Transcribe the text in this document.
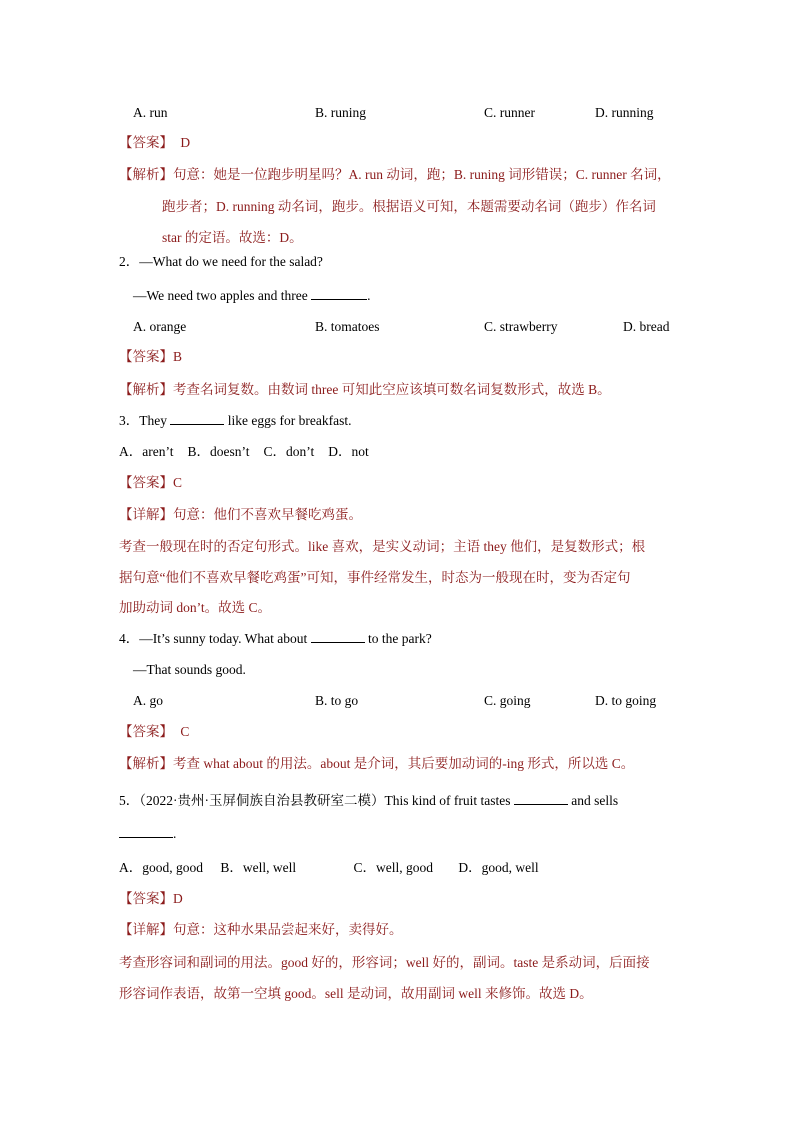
A. run	B. runing	C. runner	D. running
【答案】 D
【解析】句意：她是一位跑步明星吗？A. run 动词，跑；B. runing 词形错误；C. runner 名词，
跑步者；D. running 动名词，跑步。根据语义可知，本题需要动名词（跑步）作名词
star 的定语。故选：D。
2．—What do we need for the salad?
—We need two apples and three	.
A. orange	B. tomatoes	C. strawberry	D. bread
【答案】B
【解析】考查名词复数。由数词 three 可知此空应该填可数名词复数形式，故选 B。
3．They	like eggs for breakfast.
A．aren’t B．doesn’t C．don’t D．not
【答案】C
【详解】句意：他们不喜欢早餐吃鸡蛋。
考查一般现在时的否定句形式。like 喜欢，是实义动词；主语 they 他们，是复数形式；根
据句意“他们不喜欢早餐吃鸡蛋”可知，事件经常发生，时态为一般现在时，变为否定句
加助动词 don’t。故选 C。
4．—It’s sunny today. What about	to the park?
—That sounds good.
A. go	B. to go	C. going	D. to going
【答案】 C
【解析】考查 what about 的用法。about 是介词，其后要加动词的-ing 形式，所以选 C。
5．（2022·贵州·玉屏侗族自治县教研室二模）This kind of fruit tastes	and sells
.
A．good, good B．well, well	C．well, good D．good, well
【答案】D
【详解】句意：这种水果品尝起来好，卖得好。
考查形容词和副词的用法。good 好的，形容词；well 好的，副词。taste 是系动词，后面接
形容词作表语，故第一空填 good。sell 是动词，故用副词 well 来修饰。故选 D。
